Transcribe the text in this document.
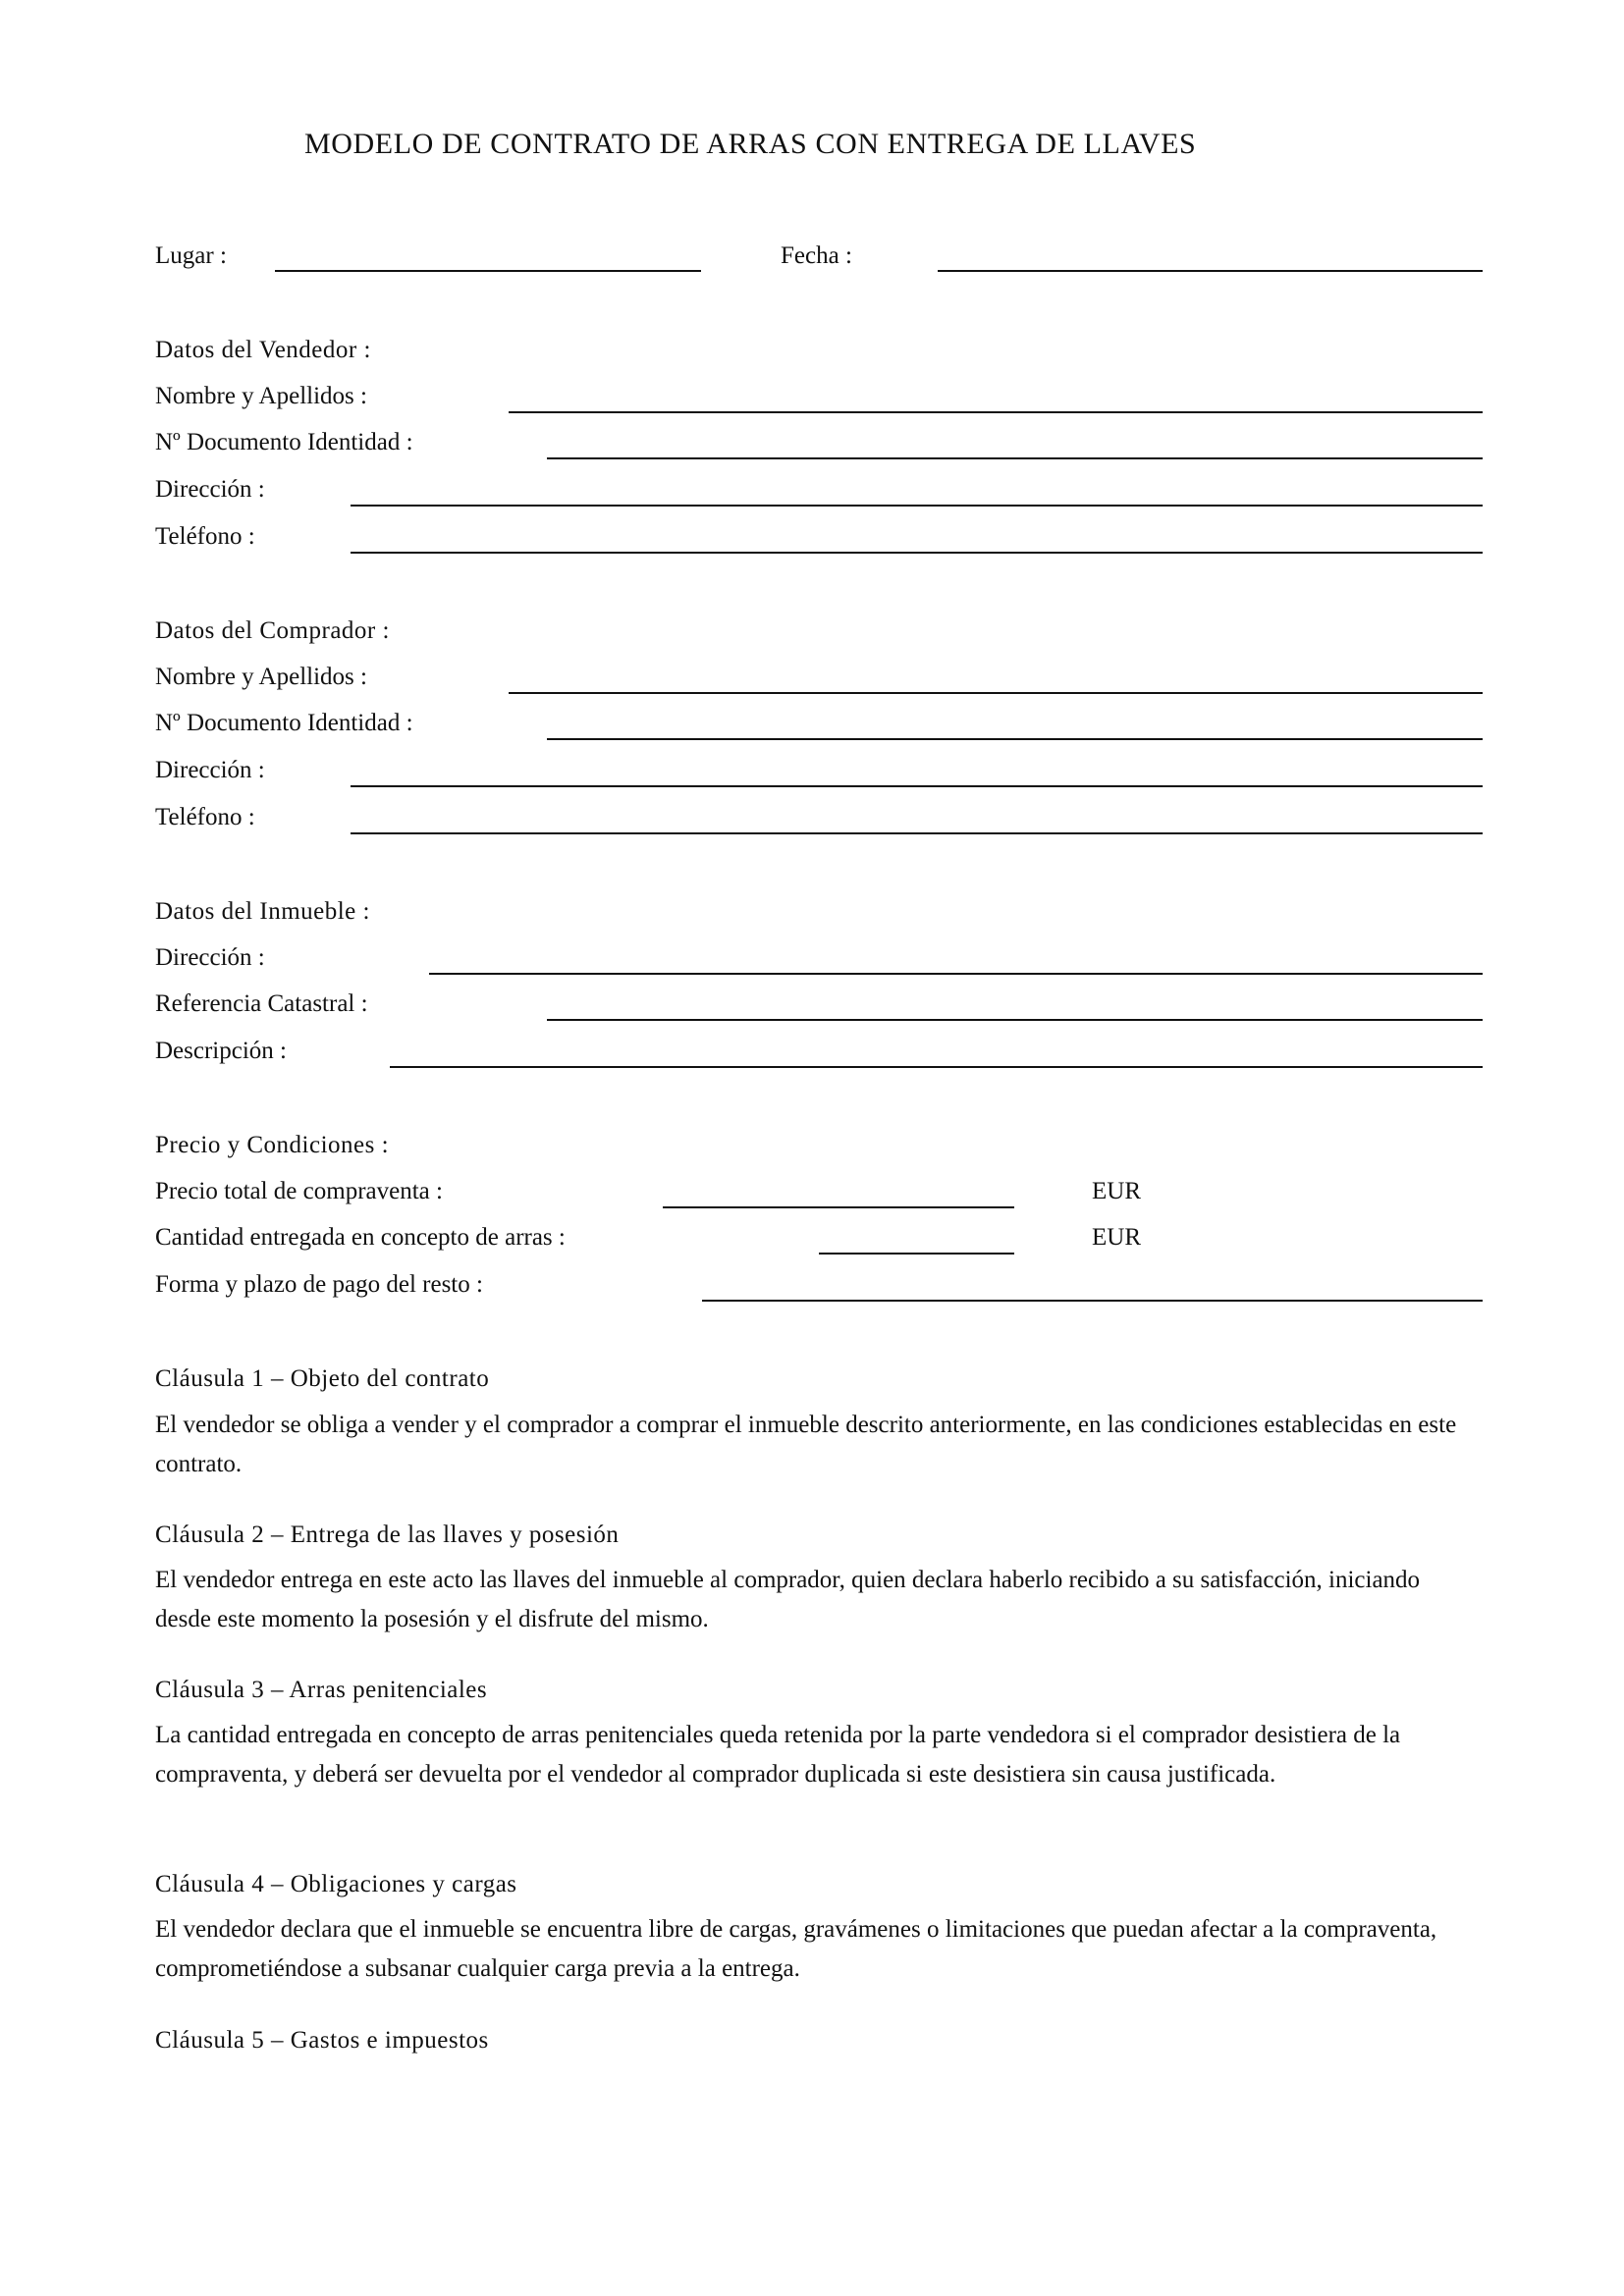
MODELO DE CONTRATO DE ARRAS CON ENTREGA DE LLAVES
Lugar :	Fecha :
Datos del Vendedor :
Nombre y Apellidos :
Nº Documento Identidad :
Dirección :
Teléfono :
Datos del Comprador :
Nombre y Apellidos :
Nº Documento Identidad :
Dirección :
Teléfono :
Datos del Inmueble :
Dirección :
Referencia Catastral :
Descripción :
Precio y Condiciones :
Precio total de compraventa :	EUR
Cantidad entregada en concepto de arras :	EUR
Forma y plazo de pago del resto :
Cláusula 1 – Objeto del contrato
El vendedor se obliga a vender y el comprador a comprar el inmueble descrito anteriormente, en las condiciones establecidas en este contrato.
Cláusula 2 – Entrega de las llaves y posesión
El vendedor entrega en este acto las llaves del inmueble al comprador, quien declara haberlo recibido a su satisfacción, iniciando desde este momento la posesión y el disfrute del mismo.
Cláusula 3 – Arras penitenciales
La cantidad entregada en concepto de arras penitenciales queda retenida por la parte vendedora si el comprador desistiera de la compraventa, y deberá ser devuelta por el vendedor al comprador duplicada si este desistiera sin causa justificada.
Cláusula 4 – Obligaciones y cargas
El vendedor declara que el inmueble se encuentra libre de cargas, gravámenes o limitaciones que puedan afectar a la compraventa, comprometiéndose a subsanar cualquier carga previa a la entrega.
Cláusula 5 – Gastos e impuestos
